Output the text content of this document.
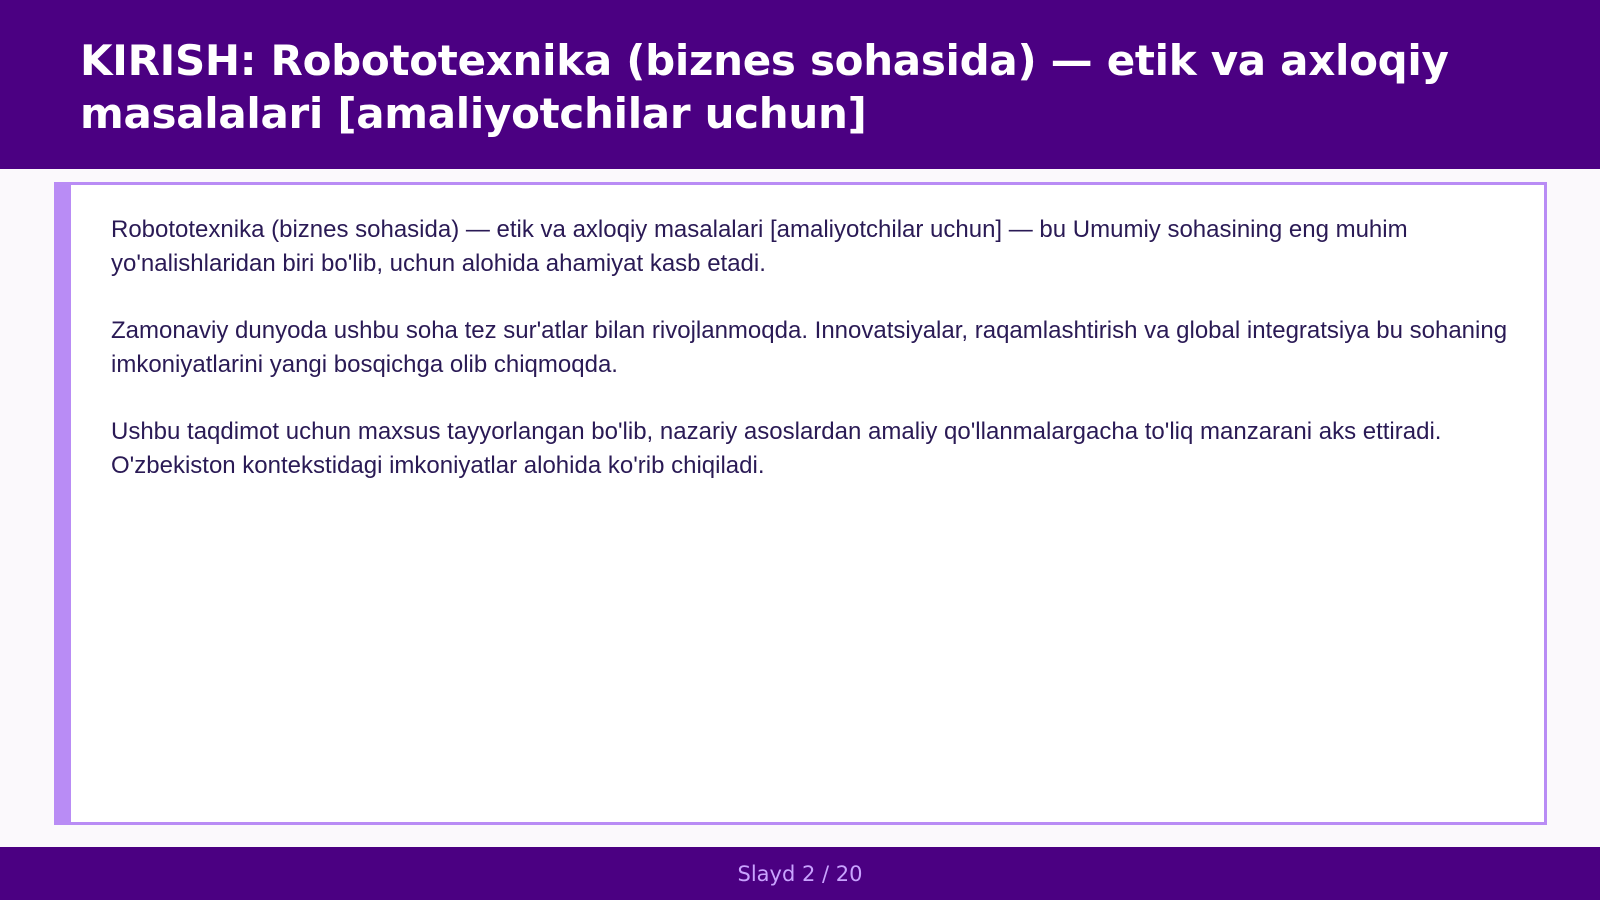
KIRISH: Robototexnika (biznes sohasida) — etik va axloqiy masalalari [amaliyotchilar uchun]

Robototexnika (biznes sohasida) — etik va axloqiy masalalari [amaliyotchilar uchun] — bu Umumiy sohasining eng muhim yo'nalishlaridan biri bo'lib, uchun alohida ahamiyat kasb etadi.

Zamonaviy dunyoda ushbu soha tez sur'atlar bilan rivojlanmoqda. Innovatsiyalar, raqamlashtirish va global integratsiya bu sohaning imkoniyatlarini yangi bosqichga olib chiqmoqda.

Ushbu taqdimot uchun maxsus tayyorlangan bo'lib, nazariy asoslardan amaliy qo'llanmalargacha to'liq manzarani aks ettiradi. O'zbekiston kontekstidagi imkoniyatlar alohida ko'rib chiqiladi.

Slayd 2 / 20
